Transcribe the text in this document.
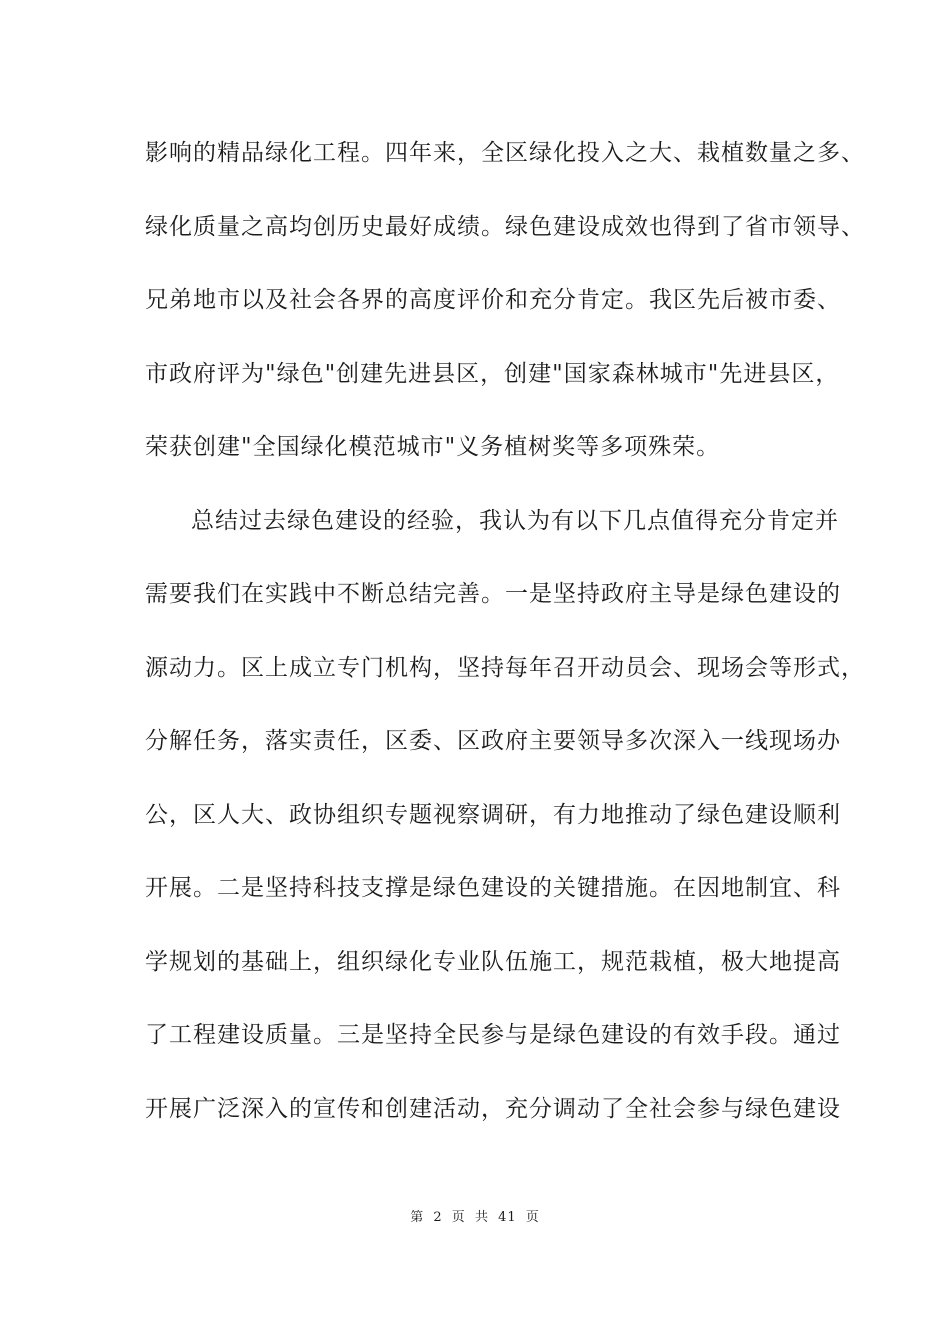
影响的精品绿化工程。四年来，全区绿化投入之大、栽植数量之多、
绿化质量之高均创历史最好成绩。绿色建设成效也得到了省市领导、
兄弟地市以及社会各界的高度评价和充分肯定。我区先后被市委、
市政府评为"绿色"创建先进县区，创建"国家森林城市"先进县区，
荣获创建"全国绿化模范城市"义务植树奖等多项殊荣。
总结过去绿色建设的经验，我认为有以下几点值得充分肯定并
需要我们在实践中不断总结完善。一是坚持政府主导是绿色建设的
源动力。区上成立专门机构，坚持每年召开动员会、现场会等形式，
分解任务，落实责任，区委、区政府主要领导多次深入一线现场办
公，区人大、政协组织专题视察调研，有力地推动了绿色建设顺利
开展。二是坚持科技支撑是绿色建设的关键措施。在因地制宜、科
学规划的基础上，组织绿化专业队伍施工，规范栽植，极大地提高
了工程建设质量。三是坚持全民参与是绿色建设的有效手段。通过
开展广泛深入的宣传和创建活动，充分调动了全社会参与绿色建设
第 2 页 共 41 页
